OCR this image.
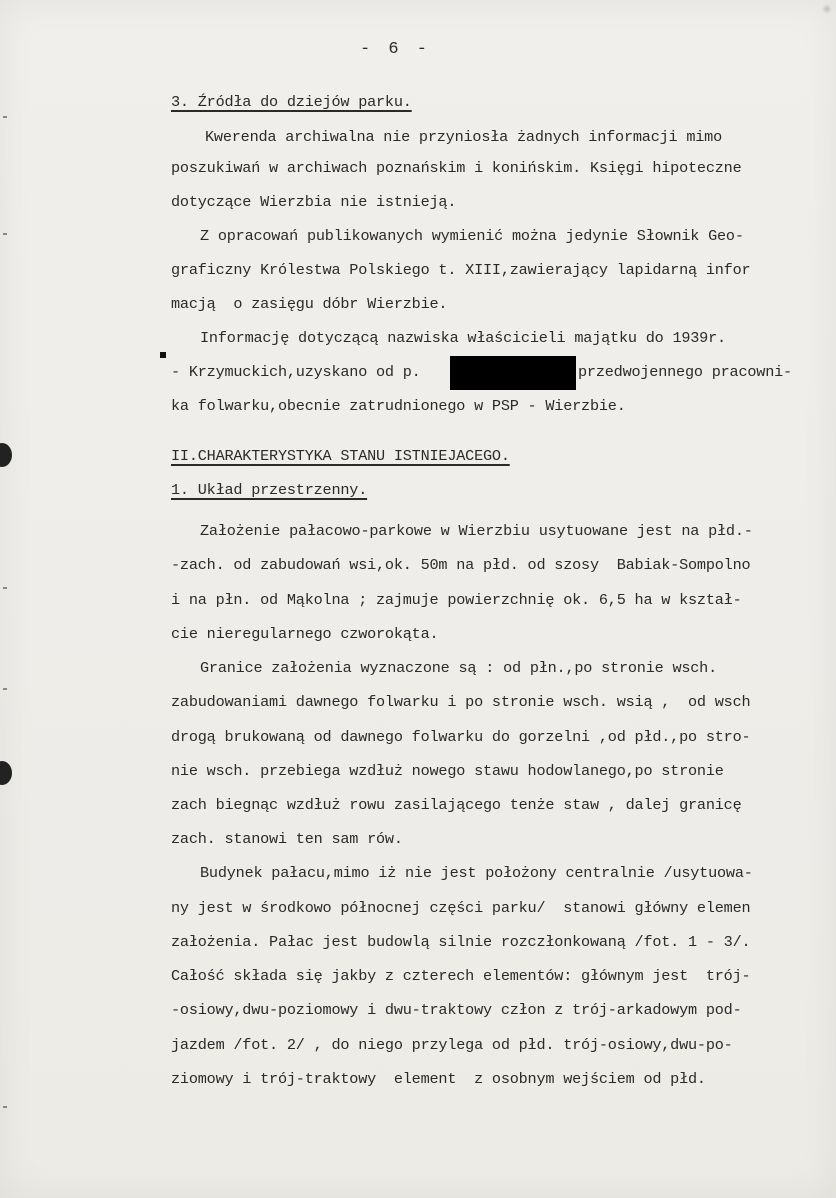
- 6 -
3. Źródła do dziejów parku.
Kwerenda archiwalna nie przyniosła żadnych informacji mimo
poszukiwań w archiwach poznańskim i konińskim. Księgi hipoteczne
dotyczące Wierzbia nie istnieją.
Z opracowań publikowanych wymienić można jedynie Słownik Geo-
graficzny Królestwa Polskiego t. XIII,zawierający lapidarną infor
macją  o zasięgu dóbr Wierzbie.
Informację dotyczącą nazwiska właścicieli majątku do 1939r.
- Krzymuckich,uzyskano od p.	przedwojennego pracowni-
ka folwarku,obecnie zatrudnionego w PSP - Wierzbie.
II.CHARAKTERYSTYKA STANU ISTNIEJACEGO.
1. Układ przestrzenny.
Założenie pałacowo-parkowe w Wierzbiu usytuowane jest na płd.-
-zach. od zabudowań wsi,ok. 50m na płd. od szosy  Babiak-Sompolno
i na płn. od Mąkolna ; zajmuje powierzchnię ok. 6,5 ha w kształ-
cie nieregularnego czworokąta.
Granice założenia wyznaczone są : od płn.,po stronie wsch.
zabudowaniami dawnego folwarku i po stronie wsch. wsią ,  od wsch
drogą brukowaną od dawnego folwarku do gorzelni ,od płd.,po stro-
nie wsch. przebiega wzdłuż nowego stawu hodowlanego,po stronie
zach biegnąc wzdłuż rowu zasilającego tenże staw , dalej granicę
zach. stanowi ten sam rów.
Budynek pałacu,mimo iż nie jest położony centralnie /usytuowa-
ny jest w środkowo północnej części parku/  stanowi główny elemen
założenia. Pałac jest budowlą silnie rozczłonkowaną /fot. 1 - 3/.
Całość składa się jakby z czterech elementów: głównym jest  trój-
-osiowy,dwu-poziomowy i dwu-traktowy człon z trój-arkadowym pod-
jazdem /fot. 2/ , do niego przylega od płd. trój-osiowy,dwu-po-
ziomowy i trój-traktowy  element  z osobnym wejściem od płd.
